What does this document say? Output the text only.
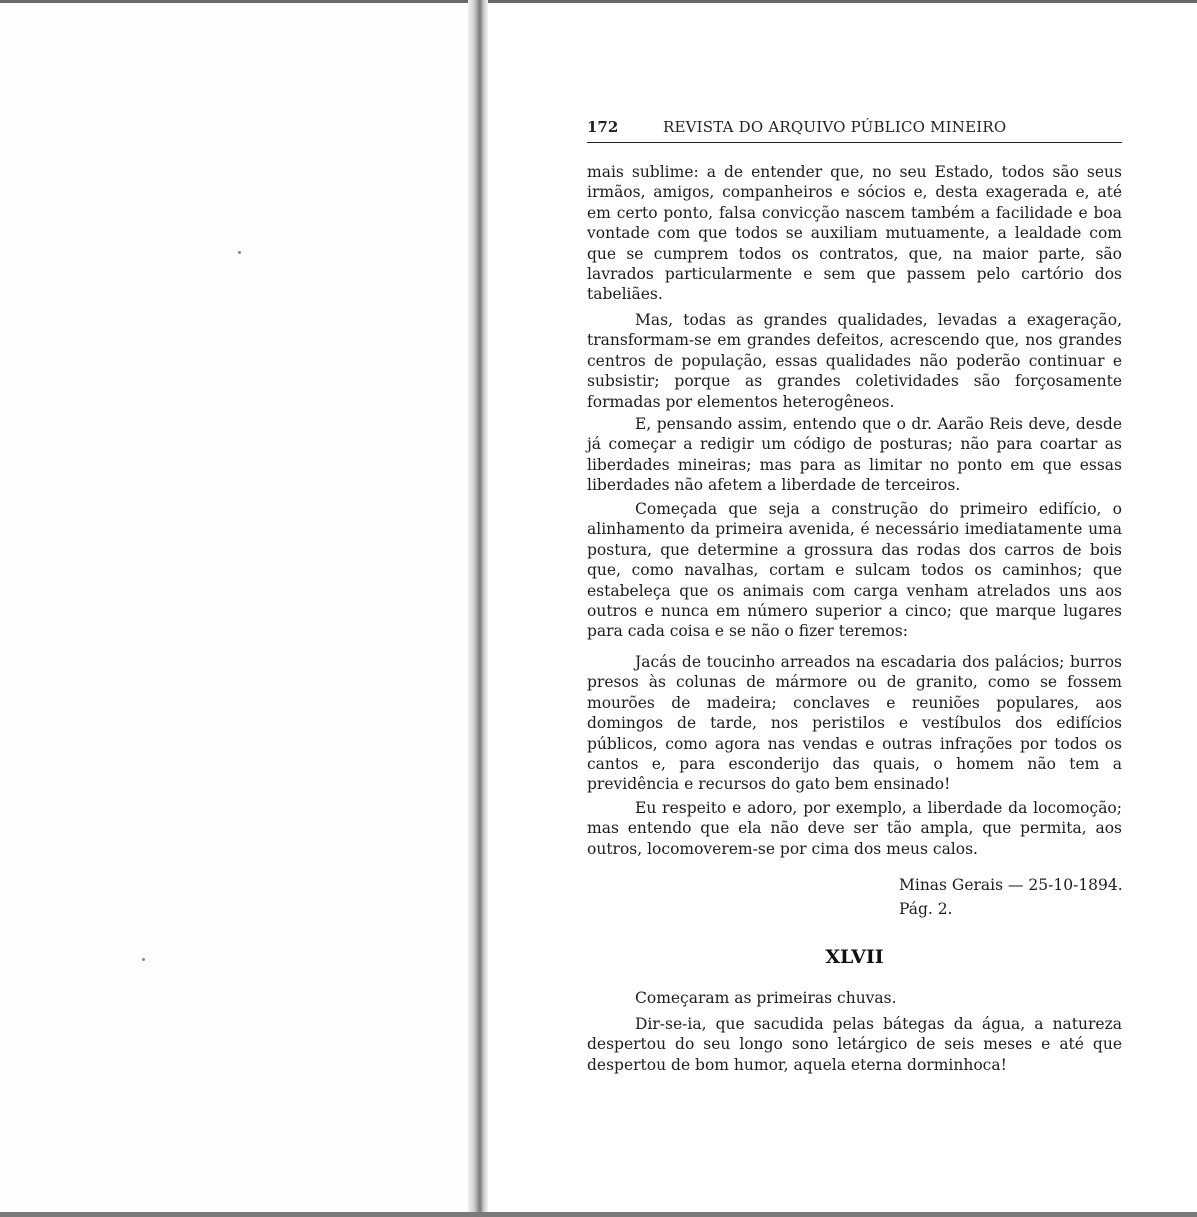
172	REVISTA DO ARQUIVO PÚBLICO MINEIRO

mais sublime: a de entender que, no seu Estado, todos são seus irmãos, amigos, companheiros e sócios e, desta exagerada e, até em certo ponto, falsa convicção nascem também a facilidade e boa vontade com que todos se auxiliam mutuamente, a lealdade com que se cumprem todos os contratos, que, na maior parte, são lavrados particularmente e sem que passem pelo cartório dos tabeliães.

Mas, todas as grandes qualidades, levadas a exageração, transformam-se em grandes defeitos, acrescendo que, nos grandes centros de população, essas qualidades não poderão continuar e subsistir; porque as grandes coletividades são forçosamente formadas por elementos heterogêneos.

E, pensando assim, entendo que o dr. Aarão Reis deve, desde já começar a redigir um código de posturas; não para coartar as liberdades mineiras; mas para as limitar no ponto em que essas liberdades não afetem a liberdade de terceiros.

Começada que seja a construção do primeiro edifício, o alinhamento da primeira avenida, é necessário imediatamente uma postura, que determine a grossura das rodas dos carros de bois que, como navalhas, cortam e sulcam todos os caminhos; que estabeleça que os animais com carga venham atrelados uns aos outros e nunca em número superior a cinco; que marque lugares para cada coisa e se não o fizer teremos:

Jacás de toucinho arreados na escadaria dos palácios; burros presos às colunas de mármore ou de granito, como se fossem mourões de madeira; conclaves e reuniões populares, aos domingos de tarde, nos peristilos e vestíbulos dos edifícios públicos, como agora nas vendas e outras infrações por todos os cantos e, para esconderijo das quais, o homem não tem a previdência e recursos do gato bem ensinado!

Eu respeito e adoro, por exemplo, a liberdade da locomoção; mas entendo que ela não deve ser tão ampla, que permita, aos outros, locomoverem-se por cima dos meus calos.

Minas Gerais — 25-10-1894.
Pág. 2.
XLVII

Começaram as primeiras chuvas.

Dir-se-ia, que sacudida pelas bátegas da água, a natureza despertou do seu longo sono letárgico de seis meses e até que despertou de bom humor, aquela eterna dorminhoca!
